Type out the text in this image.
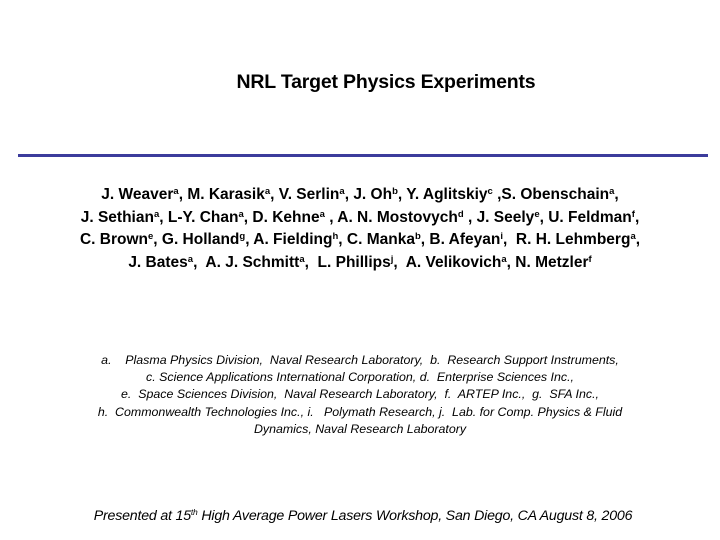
NRL Target Physics Experiments
J. Weaver$^a$, M. Karasik$^a$, V. Serlin$^a$, J. Oh$^b$, Y. Aglitskiy$^c$ ,S. Obenschain$^a$,
J. Sethian$^a$, L-Y. Chan$^a$, D. Kehne$^a$ , A. N. Mostovych$^d$ , J. Seely$^e$, U. Feldman$^f$,
C. Brown$^e$, G. Holland$^g$, A. Fielding$^h$, C. Manka$^b$, B. Afeyan$^i$,  R. H. Lehmberg$^a$,
J. Bates$^a$,  A. J. Schmitt$^a$,  L. Phillips$^j$,  A. Velikovich$^a$, N. Metzler$^f$
a.    Plasma Physics Division,  Naval Research Laboratory,  b.  Research Support Instruments,
c. Science Applications International Corporation, d.  Enterprise Sciences Inc.,
e.  Space Sciences Division,  Naval Research Laboratory,  f.  ARTEP Inc.,  g.  SFA Inc.,
h.  Commonwealth Technologies Inc., i.   Polymath Research, j.  Lab. for Comp. Physics & Fluid
Dynamics, Naval Research Laboratory
Presented at 15th High Average Power Lasers Workshop, San Diego, CA August 8, 2006
